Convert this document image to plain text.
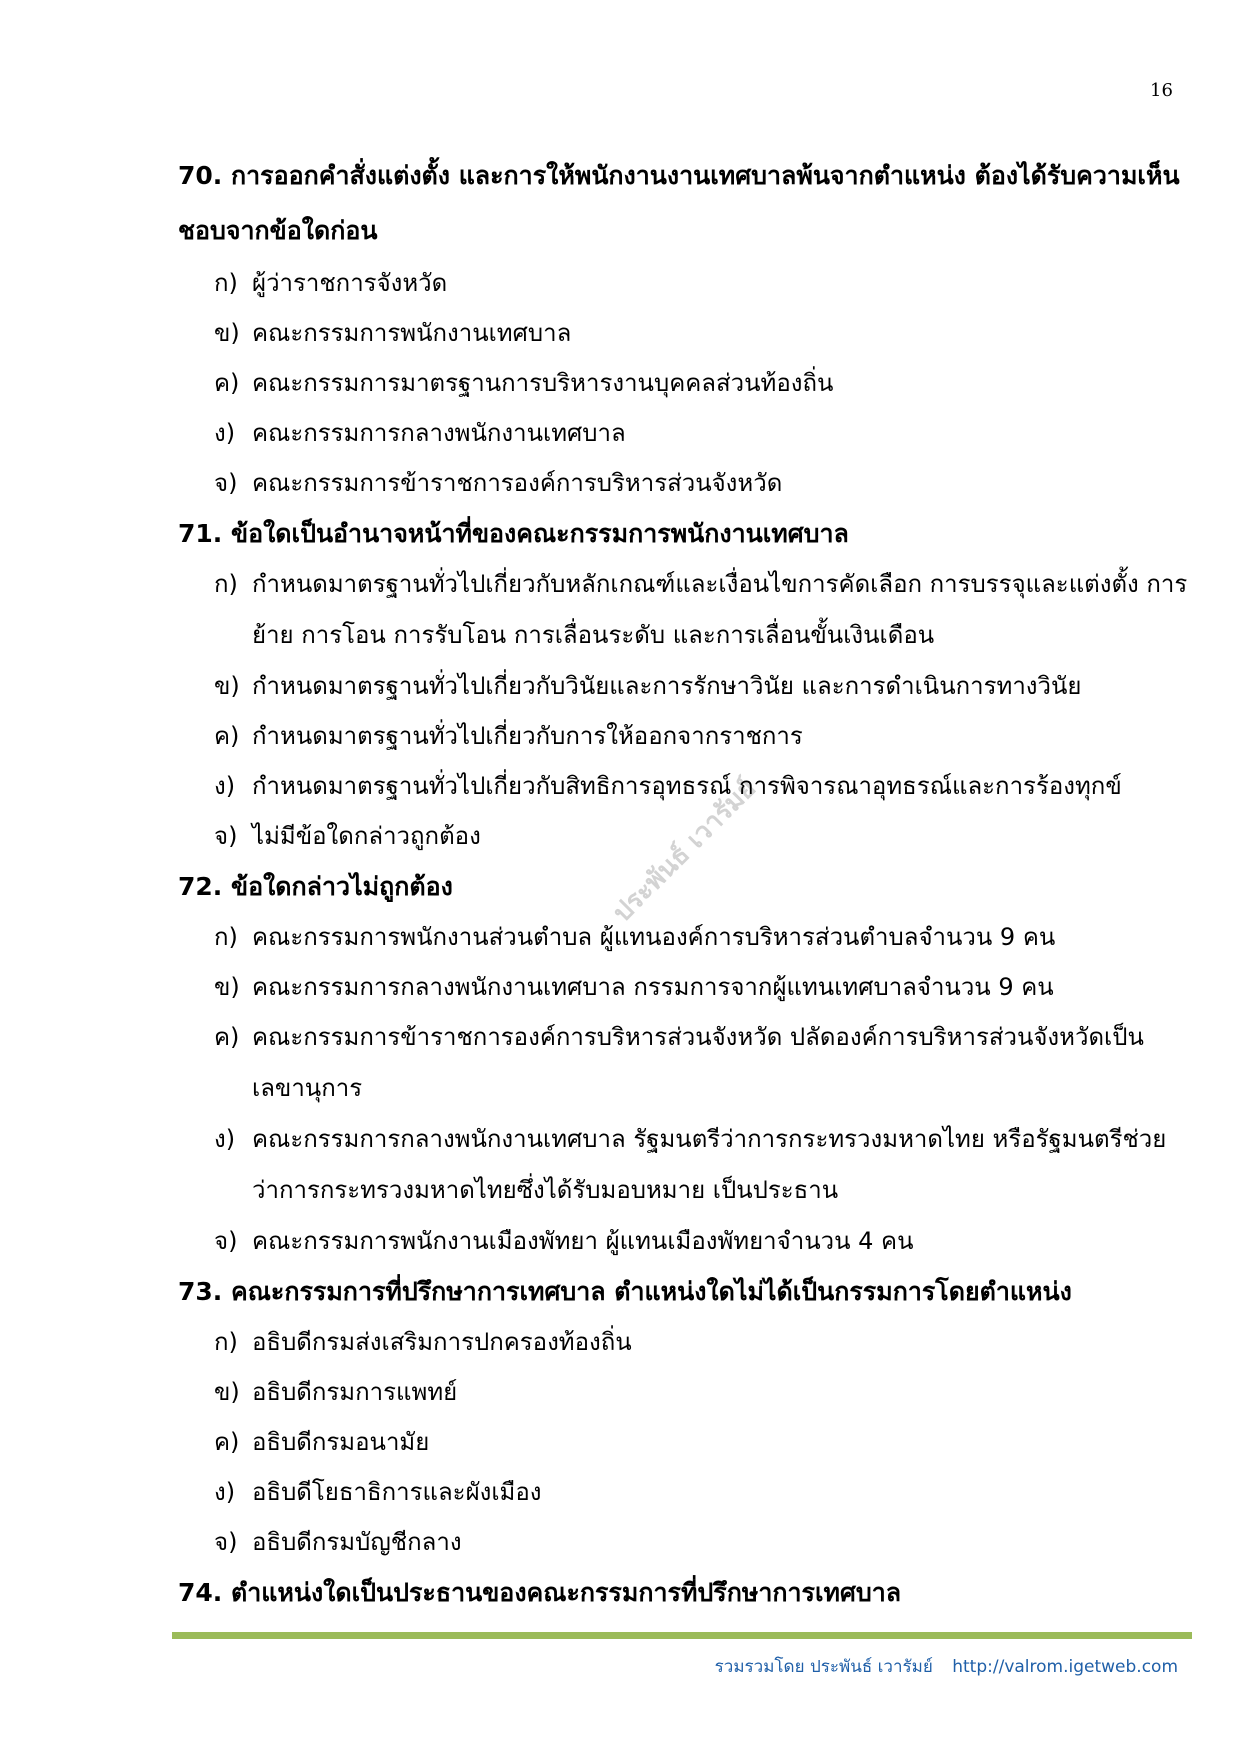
16
ประพันธ์ เวารัมย์

70. การออกคำสั่งแต่งตั้ง และการให้พนักงานงานเทศบาลพ้นจากตำแหน่ง ต้องได้รับความเห็นชอบจากข้อใดก่อน

ก) ผู้ว่าราชการจังหวัด
ข) คณะกรรมการพนักงานเทศบาล
ค) คณะกรรมการมาตรฐานการบริหารงานบุคคลส่วนท้องถิ่น
ง) คณะกรรมการกลางพนักงานเทศบาล
จ) คณะกรรมการข้าราชการองค์การบริหารส่วนจังหวัด

71. ข้อใดเป็นอำนาจหน้าที่ของคณะกรรมการพนักงานเทศบาล

ก) กำหนดมาตรฐานทั่วไปเกี่ยวกับหลักเกณฑ์และเงื่อนไขการคัดเลือก การบรรจุและแต่งตั้ง การย้าย การโอน การรับโอน การเลื่อนระดับ และการเลื่อนขั้นเงินเดือน
ข) กำหนดมาตรฐานทั่วไปเกี่ยวกับวินัยและการรักษาวินัย และการดำเนินการทางวินัย
ค) กำหนดมาตรฐานทั่วไปเกี่ยวกับการให้ออกจากราชการ
ง) กำหนดมาตรฐานทั่วไปเกี่ยวกับสิทธิการอุทธรณ์ การพิจารณาอุทธรณ์และการร้องทุกข์
จ) ไม่มีข้อใดกล่าวถูกต้อง

72. ข้อใดกล่าวไม่ถูกต้อง

ก) คณะกรรมการพนักงานส่วนตำบล ผู้แทนองค์การบริหารส่วนตำบลจำนวน 9 คน
ข) คณะกรรมการกลางพนักงานเทศบาล กรรมการจากผู้แทนเทศบาลจำนวน 9 คน
ค) คณะกรรมการข้าราชการองค์การบริหารส่วนจังหวัด ปลัดองค์การบริหารส่วนจังหวัดเป็นเลขานุการ
ง) คณะกรรมการกลางพนักงานเทศบาล รัฐมนตรีว่าการกระทรวงมหาดไทย หรือรัฐมนตรีช่วยว่าการกระทรวงมหาดไทยซึ่งได้รับมอบหมาย เป็นประธาน
จ) คณะกรรมการพนักงานเมืองพัทยา ผู้แทนเมืองพัทยาจำนวน 4 คน

73. คณะกรรมการที่ปรึกษาการเทศบาล ตำแหน่งใดไม่ได้เป็นกรรมการโดยตำแหน่ง

ก) อธิบดีกรมส่งเสริมการปกครองท้องถิ่น
ข) อธิบดีกรมการแพทย์
ค) อธิบดีกรมอนามัย
ง) อธิบดีโยธาธิการและผังเมือง
จ) อธิบดีกรมบัญชีกลาง

74. ตำแหน่งใดเป็นประธานของคณะกรรมการที่ปรึกษาการเทศบาล

รวมรวมโดย ประพันธ์ เวารัมย์ http://valrom.igetweb.com
